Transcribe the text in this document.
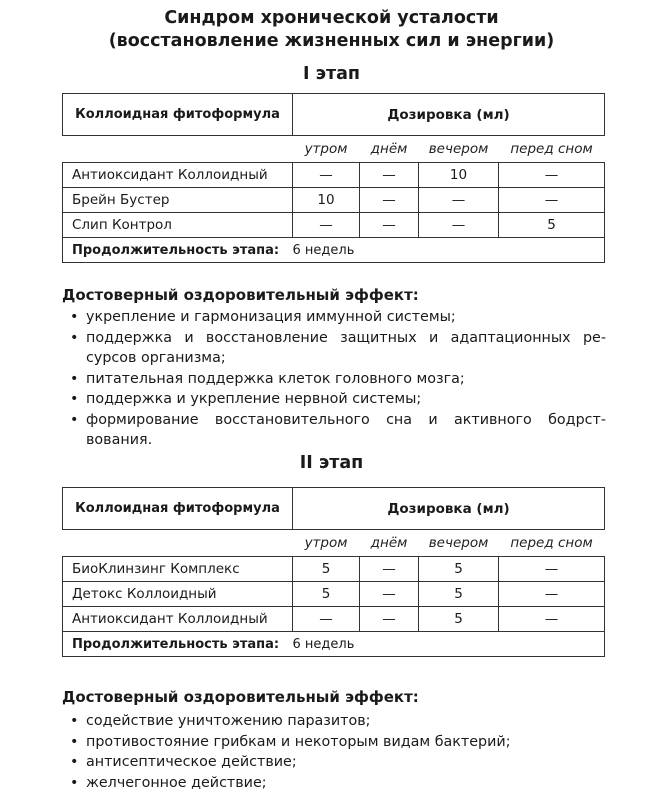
Синдром хронической усталости
(восстановление жизненных сил и энергии)
I этап
Коллоидная фитоформула	Дозировка (мл)			
	утром	днём	вечером	перед сном
Антиоксидант Коллоидный	—	—	10	—
Брейн Бустер	10	—	—	—
Слип Контрол	—	—	—	5
Продолжительность этапа:	6 недель			
Достоверный оздоровительный эффект:
• укрепление и гармонизация иммунной системы;
• поддержка и восстановление защитных и адаптационных ре-сурсов организма;
• питательная поддержка клеток головного мозга;
• поддержка и укрепление нервной системы;
• формирование восстановительного сна и активного бодрст-вования.
II этап
Коллоидная фитоформула	Дозировка (мл)			
	утром	днём	вечером	перед сном
БиоКлинзинг Комплекс	5	—	5	—
Детокс Коллоидный	5	—	5	—
Антиоксидант Коллоидный	—	—	5	—
Продолжительность этапа:	6 недель			
Достоверный оздоровительный эффект:
• содействие уничтожению паразитов;
• противостояние грибкам и некоторым видам бактерий;
• антисептическое действие;
• желчегонное действие;
